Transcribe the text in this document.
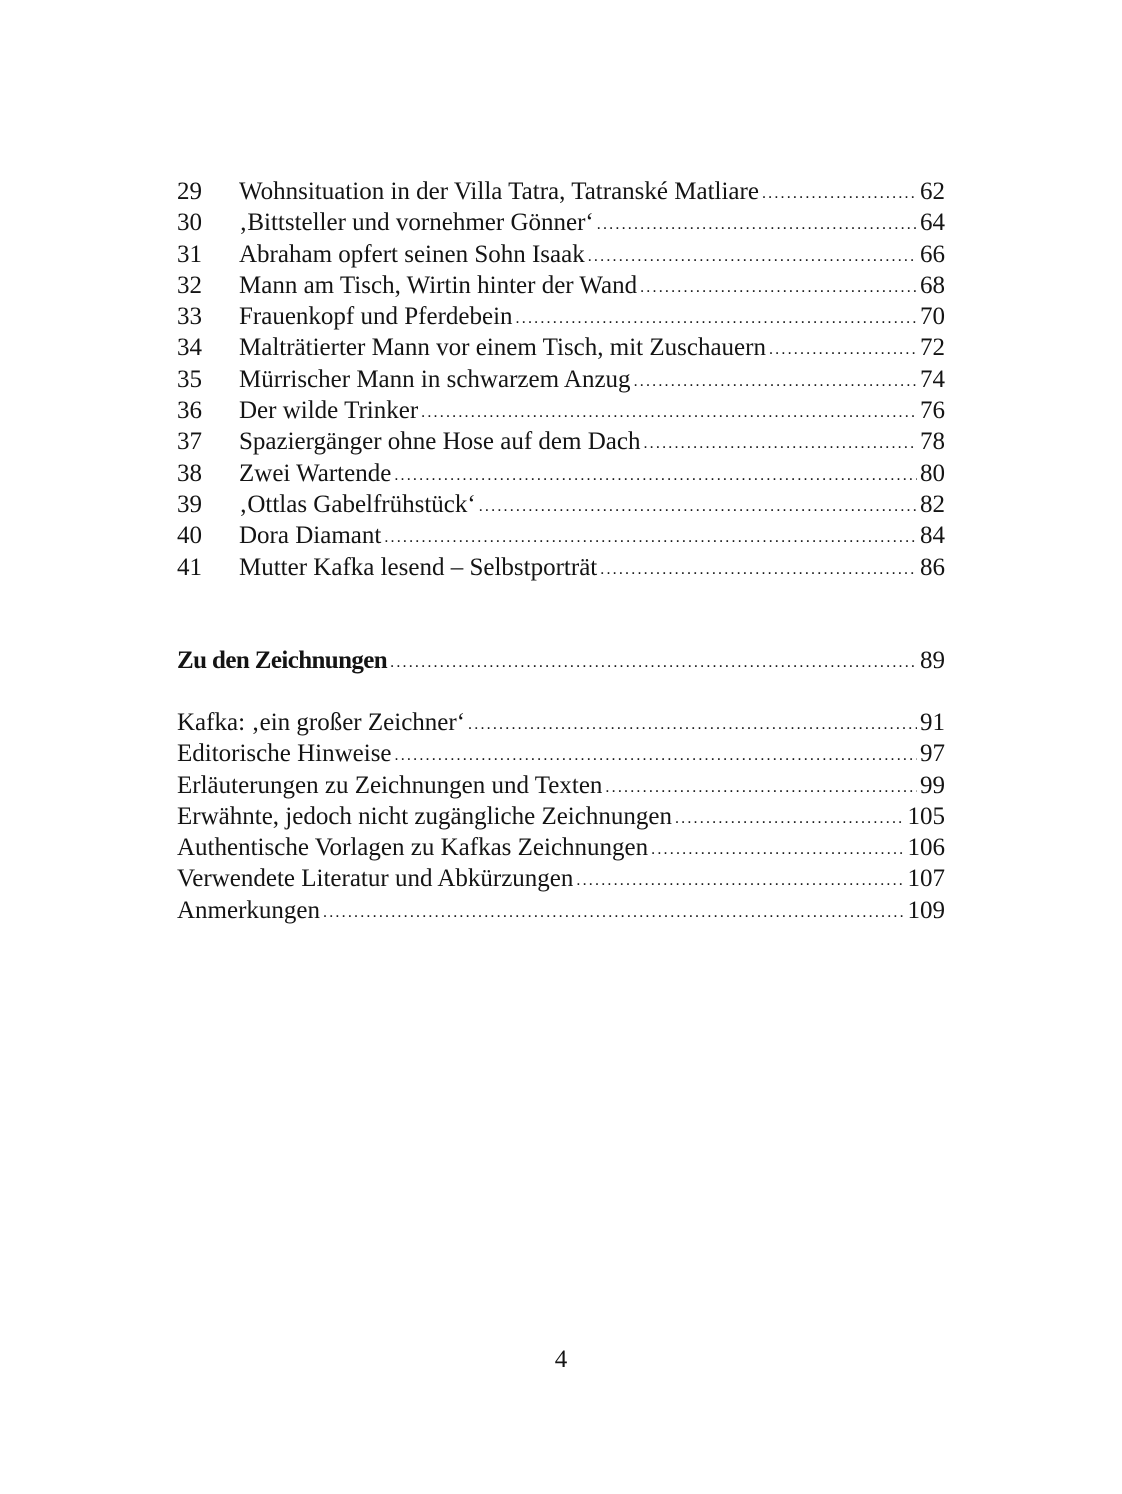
29	Wohnsituation in der Villa Tatra, Tatranské Matliare .....	62
30	‚Bittsteller und vornehmer Gönner‘ .....	64
31	Abraham opfert seinen Sohn Isaak .....	66
32	Mann am Tisch, Wirtin hinter der Wand .....	68
33	Frauenkopf und Pferdebein .....	70
34	Malträtierter Mann vor einem Tisch, mit Zuschauern .....	72
35	Mürrischer Mann in schwarzem Anzug .....	74
36	Der wilde Trinker .....	76
37	Spaziergänger ohne Hose auf dem Dach .....	78
38	Zwei Wartende .....	80
39	‚Ottlas Gabelfrühstück‘ .....	82
40	Dora Diamant .....	84
41	Mutter Kafka lesend – Selbstporträt .....	86
Zu den Zeichnungen .....	89
Kafka: ‚ein großer Zeichner‘ .....	91
Editorische Hinweise .....	97
Erläuterungen zu Zeichnungen und Texten .....	99
Erwähnte, jedoch nicht zugängliche Zeichnungen .....	105
Authentische Vorlagen zu Kafkas Zeichnungen .....	106
Verwendete Literatur und Abkürzungen .....	107
Anmerkungen .....	109
4
